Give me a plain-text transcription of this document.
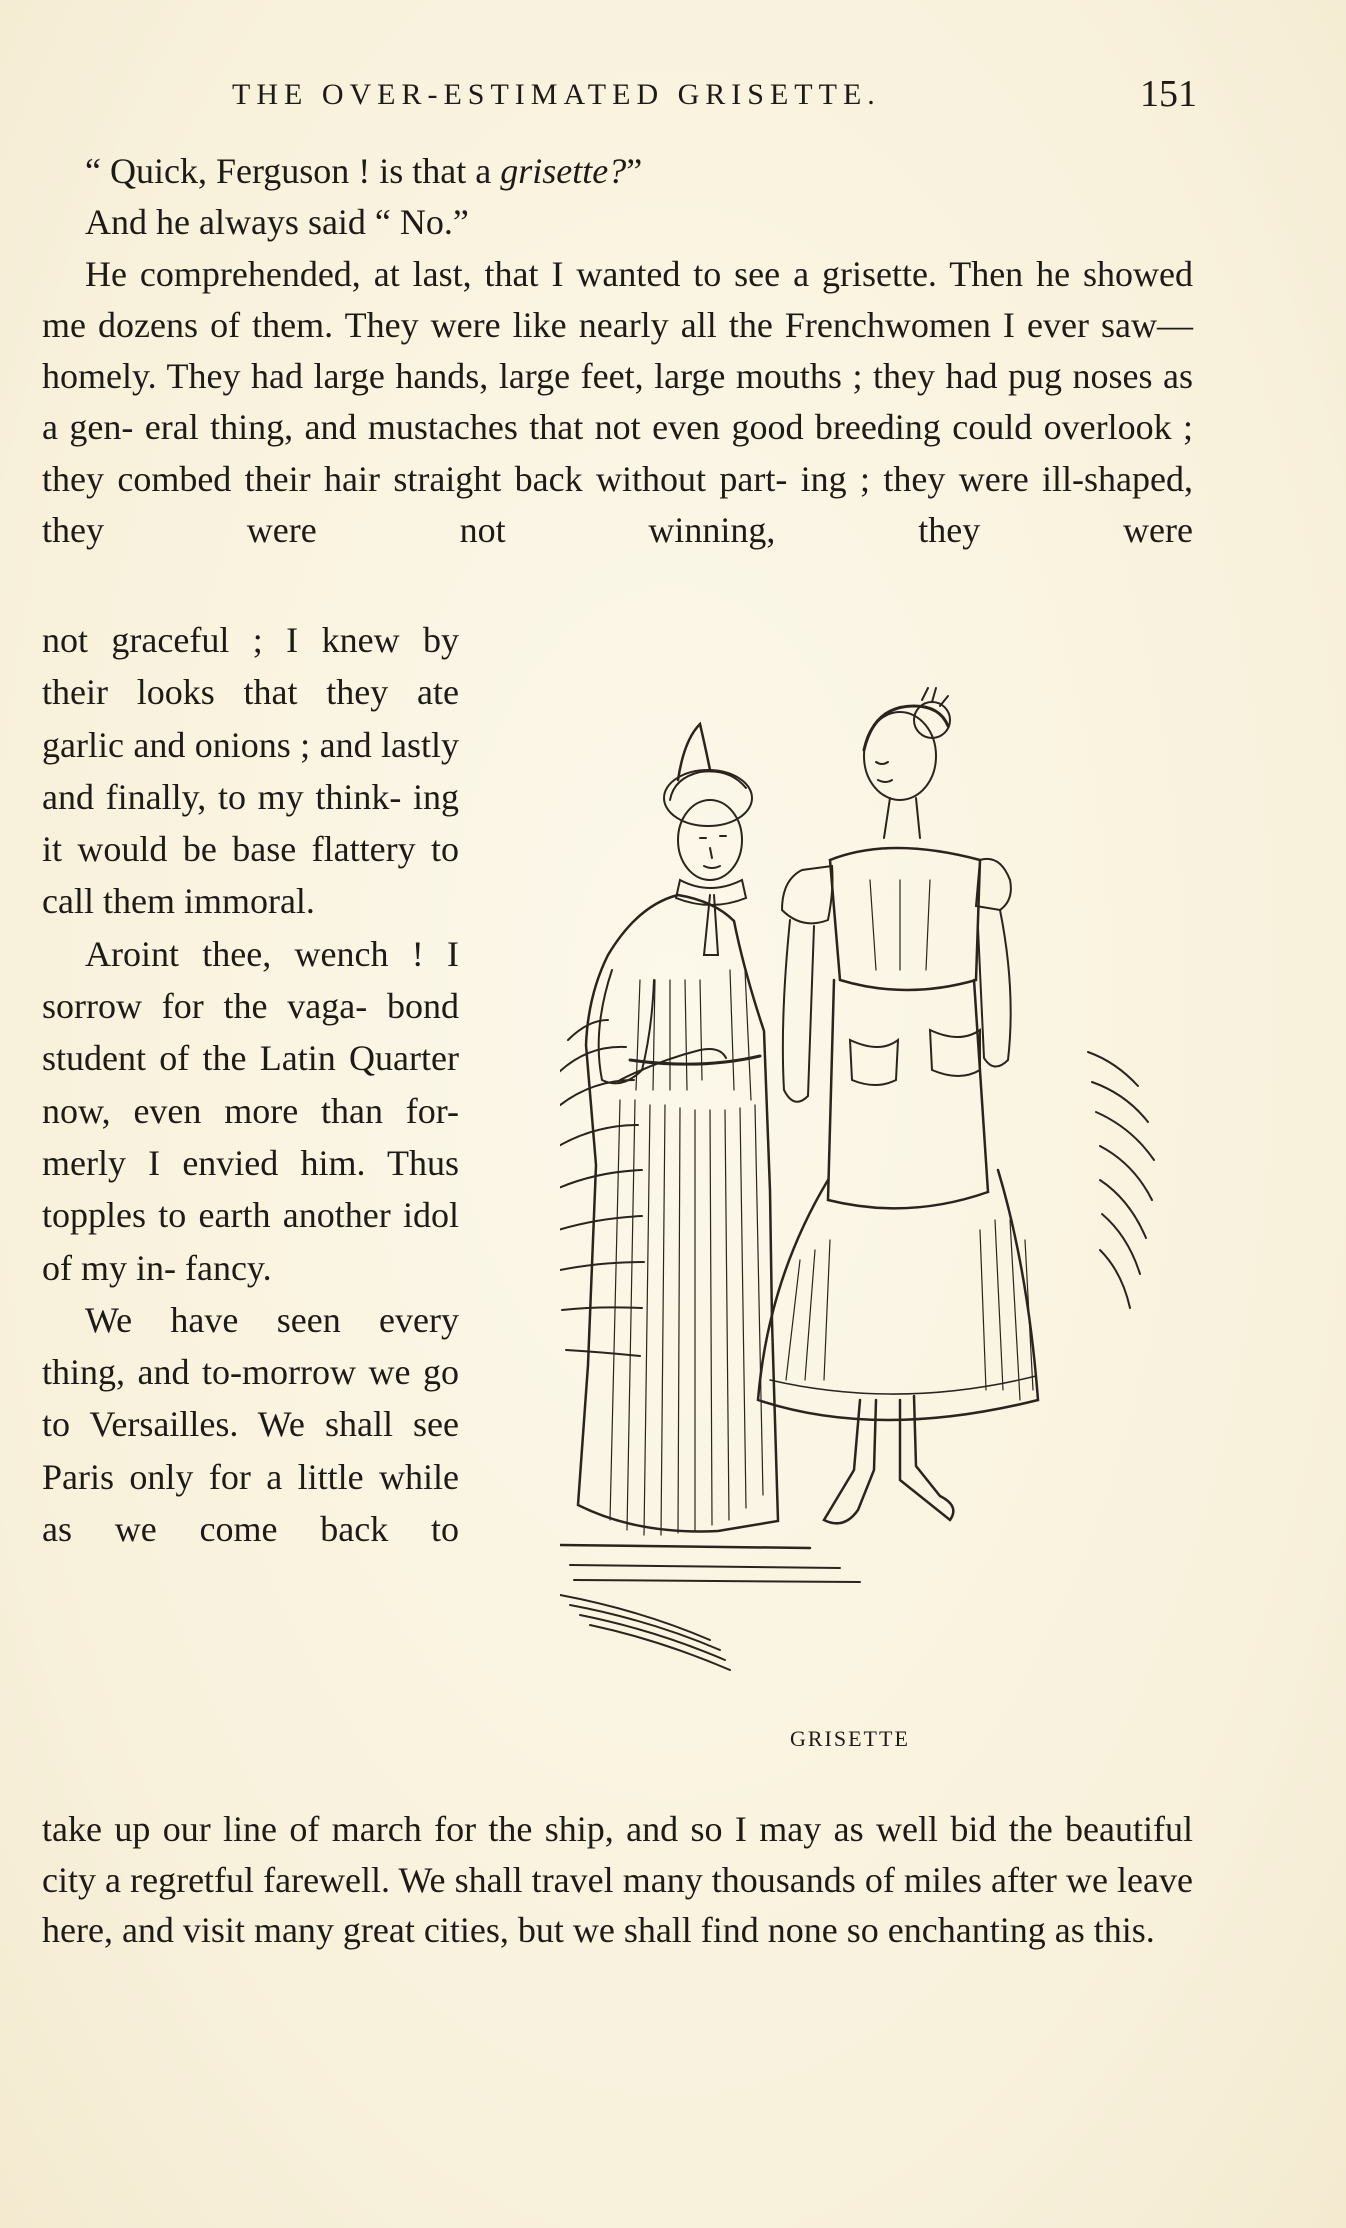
THE OVER-ESTIMATED GRISETTE.	151

“ Quick, Ferguson ! is that a grisette?”

And he always said “ No.”

He comprehended, at last, that I wanted to see a grisette. Then he showed me dozens of them. They were like nearly all the Frenchwomen I ever saw—homely. They had large hands, large feet, large mouths ; they had pug noses as a gen- eral thing, and mustaches that not even good breeding could overlook ; they combed their hair straight back without part- ing ; they were ill-shaped, they were not winning, they were

not graceful ; I knew by their looks that they ate garlic and onions ; and lastly and finally, to my think- ing it would be base flattery to call them immoral.

Aroint thee, wench ! I sorrow for the vaga- bond student of the Latin Quarter now, even more than for- merly I envied him. Thus topples to earth another idol of my in- fancy.

We have seen every thing, and to-morrow we go to Versailles. We shall see Paris only for a little while as we come back to

GRISETTE

take up our line of march for the ship, and so I may as well bid the beautiful city a regretful farewell. We shall travel many thousands of miles after we leave here, and visit many great cities, but we shall find none so enchanting as this.
